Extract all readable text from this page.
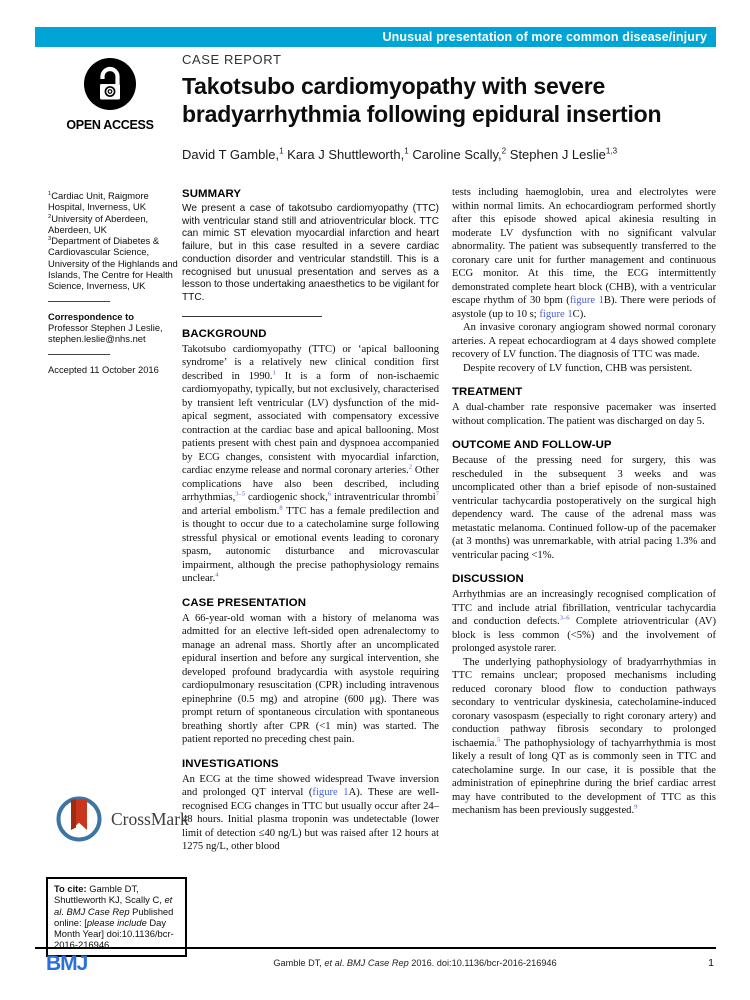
Unusual presentation of more common disease/injury
OPEN ACCESS
CASE REPORT
Takotsubo cardiomyopathy with severe bradyarrhythmia following epidural insertion
David T Gamble,$^1$ Kara J Shuttleworth,$^1$ Caroline Scally,$^2$ Stephen J Leslie$^{1,3}$
$^1$Cardiac Unit, Raigmore Hospital, Inverness, UK
$^2$University of Aberdeen, Aberdeen, UK
$^3$Department of Diabetes & Cardiovascular Science, University of the Highlands and Islands, The Centre for Health Science, Inverness, UK
Correspondence to
Professor Stephen J Leslie,
stephen.leslie@nhs.net
Accepted 11 October 2016
SUMMARY
We present a case of takotsubo cardiomyopathy (TTC) with ventricular stand still and atrioventricular block. TTC can mimic ST elevation myocardial infarction and heart failure, but in this case resulted in a severe cardiac conduction disorder and ventricular standstill. This is a recognised but unusual presentation and serves as a lesson to those undertaking anaesthetics to be vigilant for TTC.
BACKGROUND
Takotsubo cardiomyopathy (TTC) or ‘apical ballooning syndrome’ is a relatively new clinical condition first described in 1990.$^1$ It is a form of non-ischaemic cardiomyopathy, typically, but not exclusively, characterised by transient left ventricular (LV) dysfunction of the mid-apical segment, associated with compensatory excessive contraction at the cardiac base and apical ballooning. Most patients present with chest pain and dyspnoea accompanied by ECG changes, consistent with myocardial infarction, cardiac enzyme release and normal coronary arteries.$^2$ Other complications have also been described, including arrhythmias,$^{3-5}$ cardiogenic shock,$^6$ intraventricular thrombi$^7$ and arterial embolism.$^8$ TTC has a female predilection and is thought to occur due to a catecholamine surge following stressful physical or emotional events leading to coronary spasm, autonomic disturbance and microvascular impairment, although the precise pathophysiology remains unclear.$^4$
CASE PRESENTATION
A 66-year-old woman with a history of melanoma was admitted for an elective left-sided open adrenalectomy to manage an adrenal mass. Shortly after an uncomplicated epidural insertion and before any surgical intervention, she developed profound bradycardia with asystole requiring cardiopulmonary resuscitation (CPR) including intravenous epinephrine (0.5 mg) and atropine (600 μg). There was prompt return of spontaneous circulation with spontaneous breathing shortly after CPR (<1 min) was started. The patient reported no preceding chest pain.
INVESTIGATIONS
An ECG at the time showed widespread Twave inversion and prolonged QT interval (figure 1A). These are well-recognised ECG changes in TTC but usually occur after 24–48 hours. Initial plasma troponin was undetectable (lower limit of detection ≤40 ng/L) but was raised after 12 hours at 1275 ng/L, other blood
tests including haemoglobin, urea and electrolytes were within normal limits. An echocardiogram performed shortly after this episode showed apical akinesia resulting in moderate LV dysfunction with no significant valvular abnormality. The patient was subsequently transferred to the coronary care unit for further management and continuous ECG monitor. At this time, the ECG intermittently demonstrated complete heart block (CHB), with a ventricular escape rhythm of 30 bpm (figure 1B). There were periods of asystole (up to 10 s; figure 1C).
An invasive coronary angiogram showed normal coronary arteries. A repeat echocardiogram at 4 days showed complete recovery of LV function. The diagnosis of TTC was made.
Despite recovery of LV function, CHB was persistent.
TREATMENT
A dual-chamber rate responsive pacemaker was inserted without complication. The patient was discharged on day 5.
OUTCOME AND FOLLOW-UP
Because of the pressing need for surgery, this was rescheduled in the subsequent 3 weeks and was uncomplicated other than a brief episode of non-sustained ventricular tachycardia postoperatively on the surgical high dependency ward. The cause of the adrenal mass was metastatic melanoma. Continued follow-up of the pacemaker (at 3 months) was unremarkable, with atrial pacing 1.3% and ventricular pacing <1%.
DISCUSSION
Arrhythmias are an increasingly recognised complication of TTC and include atrial fibrillation, ventricular tachycardia and conduction defects.$^{3-6}$ Complete atrioventricular (AV) block is less common (<5%) and the involvement of prolonged asystole rarer.
The underlying pathophysiology of bradyarrhythmias in TTC remains unclear; proposed mechanisms including reduced coronary blood flow to conduction pathways secondary to ventricular dyskinesia, catecholamine-induced coronary vasospasm (especially to right coronary artery) and conduction pathway fibrosis secondary to prolonged ischaemia.$^5$ The pathophysiology of tachyarrhythmia is most likely a result of long QT as is commonly seen in TTC and catecholamine surge. In our case, it is possible that the administration of epinephrine during the brief cardiac arrest may have contributed to the development of TTC as this mechanism has been previously suggested.$^9$
CrossMark
To cite: Gamble DT, Shuttleworth KJ, Scally C, et al. BMJ Case Rep Published online: [please include Day Month Year] doi:10.1136/bcr-2016-216946
BMJ	Gamble DT, et al. BMJ Case Rep 2016. doi:10.1136/bcr-2016-216946	1
